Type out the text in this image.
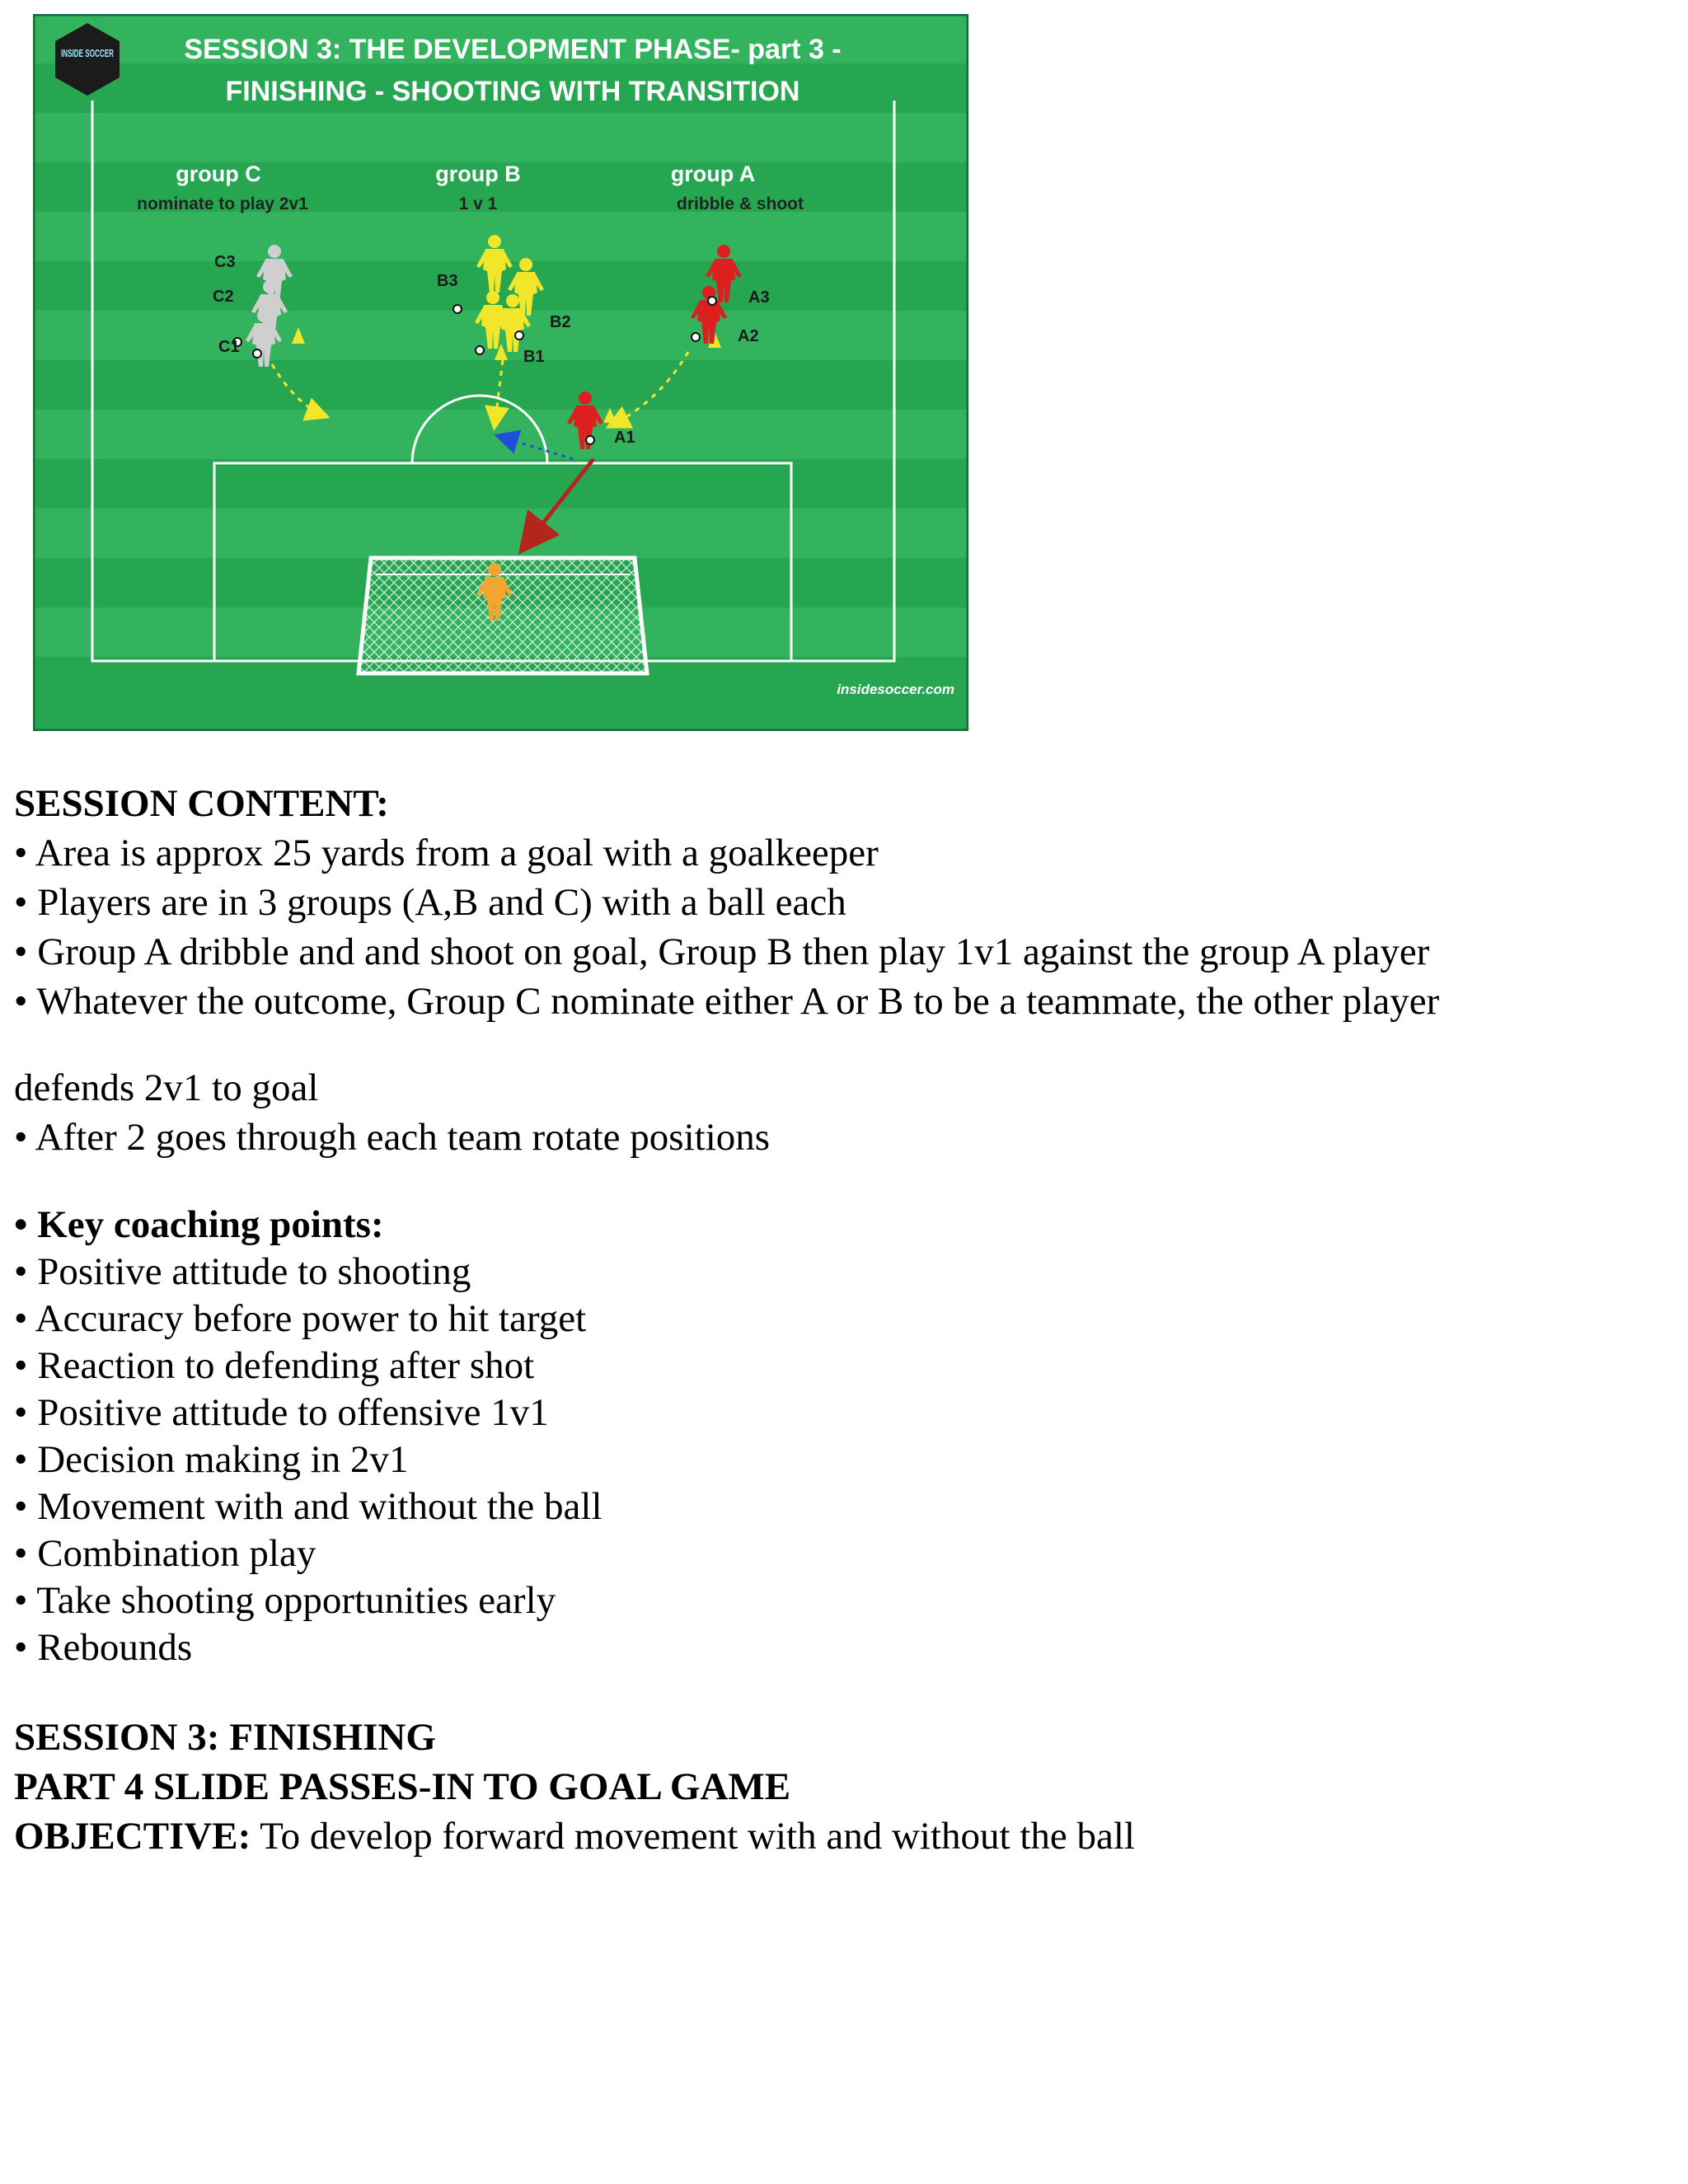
INSIDE SOCCER SESSION 3: THE DEVELOPMENT PHASE- part 3 -
FINISHING - SHOOTING WITH TRANSITION
group C
nominate to play 2v1
group B
1 v 1
group A
dribble & shoot
C3
C2
C1
B3
B2
B1
A3
A2
A1
insidesoccer.com

SESSION CONTENT:

• Area is approx 25 yards from a goal with a goalkeeper

• Players are in 3 groups (A,B and C) with a ball each

• Group A dribble and and shoot on goal, Group B then play 1v1 against the group A player

• Whatever the outcome, Group C nominate either A or B to be a teammate, the other player

defends 2v1 to goal

• After 2 goes through each team rotate positions

• Key coaching points:

• Positive attitude to shooting

• Accuracy before power to hit target

• Reaction to defending after shot

• Positive attitude to offensive 1v1

• Decision making in 2v1

• Movement with and without the ball

• Combination play

• Take shooting opportunities early

• Rebounds

SESSION 3: FINISHING

PART 4 SLIDE PASSES-IN TO GOAL GAME

OBJECTIVE: To develop forward movement with and without the ball
